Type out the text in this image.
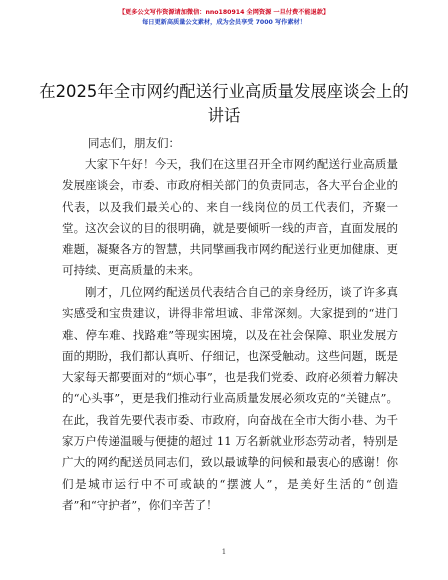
【更多公文写作资源请加微信：nno180914 全网资源 一旦付费不能退款】
每日更新高质量公文素材，成为会员享受 7000 写作素材！
在2025年全市网约配送行业高质量发展座谈会上的讲话
同志们，朋友们：

大家下午好！今天，我们在这里召开全市网约配送行业高质量发展座谈会，市委、市政府相关部门的负责同志，各大平台企业的代表，以及我们最关心的、来自一线岗位的员工代表们，齐聚一堂。这次会议的目的很明确，就是要倾听一线的声音，直面发展的难题，凝聚各方的智慧，共同擘画我市网约配送行业更加健康、更可持续、更高质量的未来。

刚才，几位网约配送员代表结合自己的亲身经历，谈了许多真实感受和宝贵建议，讲得非常坦诚、非常深刻。大家提到的“进门难、停车难、找路难”等现实困境，以及在社会保障、职业发展方面的期盼，我们都认真听、仔细记，也深受触动。这些问题，既是大家每天都要面对的“烦心事”，也是我们党委、政府必须着力解决的“心头事”，更是我们推动行业高质量发展必须攻克的“关键点”。在此，我首先要代表市委、市政府，向奋战在全市大街小巷、为千家万户传递温暖与便捷的超过 11 万名新就业形态劳动者，特别是广大的网约配送员同志们，致以最诚挚的问候和最衷心的感谢！你们是城市运行中不可或缺的“摆渡人”，是美好生活的“创造者”和“守护者”，你们辛苦了！

1
